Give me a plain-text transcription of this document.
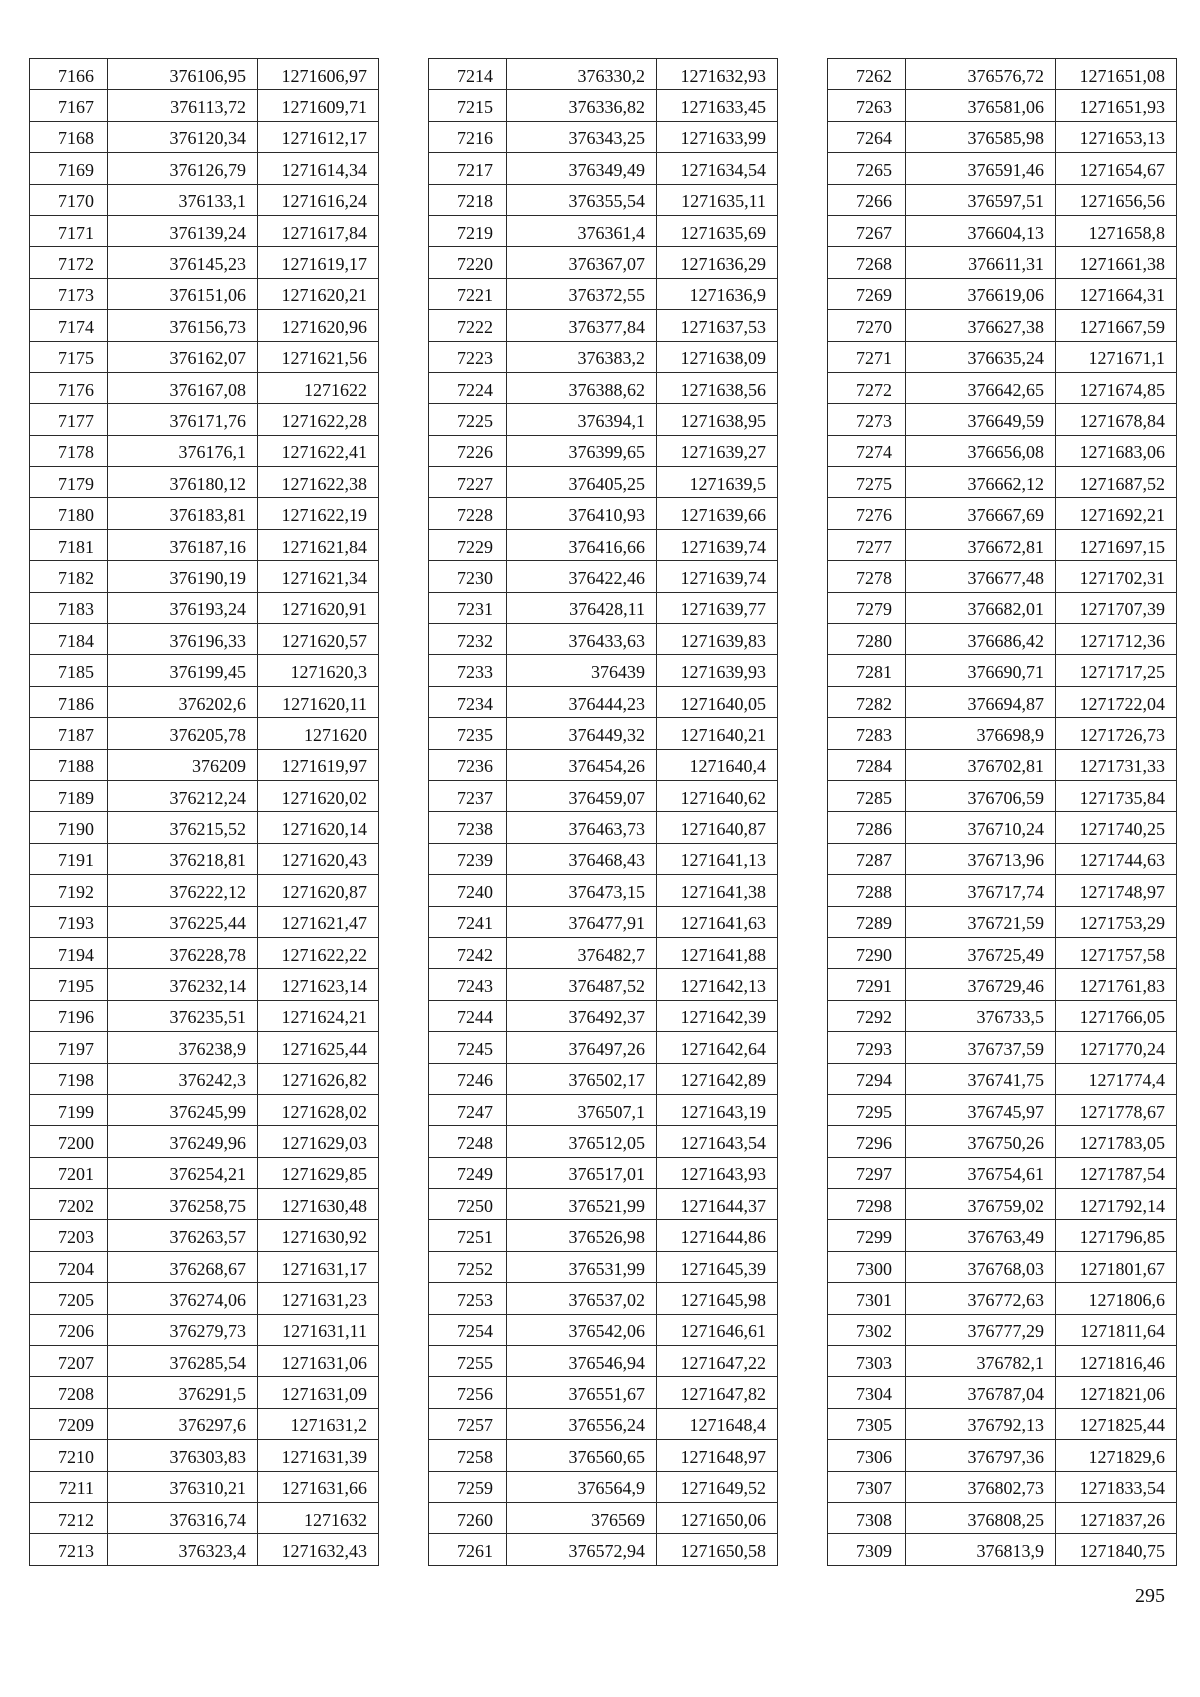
7166	376106,95	1271606,97
7167	376113,72	1271609,71
7168	376120,34	1271612,17
7169	376126,79	1271614,34
7170	376133,1	1271616,24
7171	376139,24	1271617,84
7172	376145,23	1271619,17
7173	376151,06	1271620,21
7174	376156,73	1271620,96
7175	376162,07	1271621,56
7176	376167,08	1271622
7177	376171,76	1271622,28
7178	376176,1	1271622,41
7179	376180,12	1271622,38
7180	376183,81	1271622,19
7181	376187,16	1271621,84
7182	376190,19	1271621,34
7183	376193,24	1271620,91
7184	376196,33	1271620,57
7185	376199,45	1271620,3
7186	376202,6	1271620,11
7187	376205,78	1271620
7188	376209	1271619,97
7189	376212,24	1271620,02
7190	376215,52	1271620,14
7191	376218,81	1271620,43
7192	376222,12	1271620,87
7193	376225,44	1271621,47
7194	376228,78	1271622,22
7195	376232,14	1271623,14
7196	376235,51	1271624,21
7197	376238,9	1271625,44
7198	376242,3	1271626,82
7199	376245,99	1271628,02
7200	376249,96	1271629,03
7201	376254,21	1271629,85
7202	376258,75	1271630,48
7203	376263,57	1271630,92
7204	376268,67	1271631,17
7205	376274,06	1271631,23
7206	376279,73	1271631,11
7207	376285,54	1271631,06
7208	376291,5	1271631,09
7209	376297,6	1271631,2
7210	376303,83	1271631,39
7211	376310,21	1271631,66
7212	376316,74	1271632
7213	376323,4	1271632,43
7214	376330,2	1271632,93
7215	376336,82	1271633,45
7216	376343,25	1271633,99
7217	376349,49	1271634,54
7218	376355,54	1271635,11
7219	376361,4	1271635,69
7220	376367,07	1271636,29
7221	376372,55	1271636,9
7222	376377,84	1271637,53
7223	376383,2	1271638,09
7224	376388,62	1271638,56
7225	376394,1	1271638,95
7226	376399,65	1271639,27
7227	376405,25	1271639,5
7228	376410,93	1271639,66
7229	376416,66	1271639,74
7230	376422,46	1271639,74
7231	376428,11	1271639,77
7232	376433,63	1271639,83
7233	376439	1271639,93
7234	376444,23	1271640,05
7235	376449,32	1271640,21
7236	376454,26	1271640,4
7237	376459,07	1271640,62
7238	376463,73	1271640,87
7239	376468,43	1271641,13
7240	376473,15	1271641,38
7241	376477,91	1271641,63
7242	376482,7	1271641,88
7243	376487,52	1271642,13
7244	376492,37	1271642,39
7245	376497,26	1271642,64
7246	376502,17	1271642,89
7247	376507,1	1271643,19
7248	376512,05	1271643,54
7249	376517,01	1271643,93
7250	376521,99	1271644,37
7251	376526,98	1271644,86
7252	376531,99	1271645,39
7253	376537,02	1271645,98
7254	376542,06	1271646,61
7255	376546,94	1271647,22
7256	376551,67	1271647,82
7257	376556,24	1271648,4
7258	376560,65	1271648,97
7259	376564,9	1271649,52
7260	376569	1271650,06
7261	376572,94	1271650,58
7262	376576,72	1271651,08
7263	376581,06	1271651,93
7264	376585,98	1271653,13
7265	376591,46	1271654,67
7266	376597,51	1271656,56
7267	376604,13	1271658,8
7268	376611,31	1271661,38
7269	376619,06	1271664,31
7270	376627,38	1271667,59
7271	376635,24	1271671,1
7272	376642,65	1271674,85
7273	376649,59	1271678,84
7274	376656,08	1271683,06
7275	376662,12	1271687,52
7276	376667,69	1271692,21
7277	376672,81	1271697,15
7278	376677,48	1271702,31
7279	376682,01	1271707,39
7280	376686,42	1271712,36
7281	376690,71	1271717,25
7282	376694,87	1271722,04
7283	376698,9	1271726,73
7284	376702,81	1271731,33
7285	376706,59	1271735,84
7286	376710,24	1271740,25
7287	376713,96	1271744,63
7288	376717,74	1271748,97
7289	376721,59	1271753,29
7290	376725,49	1271757,58
7291	376729,46	1271761,83
7292	376733,5	1271766,05
7293	376737,59	1271770,24
7294	376741,75	1271774,4
7295	376745,97	1271778,67
7296	376750,26	1271783,05
7297	376754,61	1271787,54
7298	376759,02	1271792,14
7299	376763,49	1271796,85
7300	376768,03	1271801,67
7301	376772,63	1271806,6
7302	376777,29	1271811,64
7303	376782,1	1271816,46
7304	376787,04	1271821,06
7305	376792,13	1271825,44
7306	376797,36	1271829,6
7307	376802,73	1271833,54
7308	376808,25	1271837,26
7309	376813,9	1271840,75
295
